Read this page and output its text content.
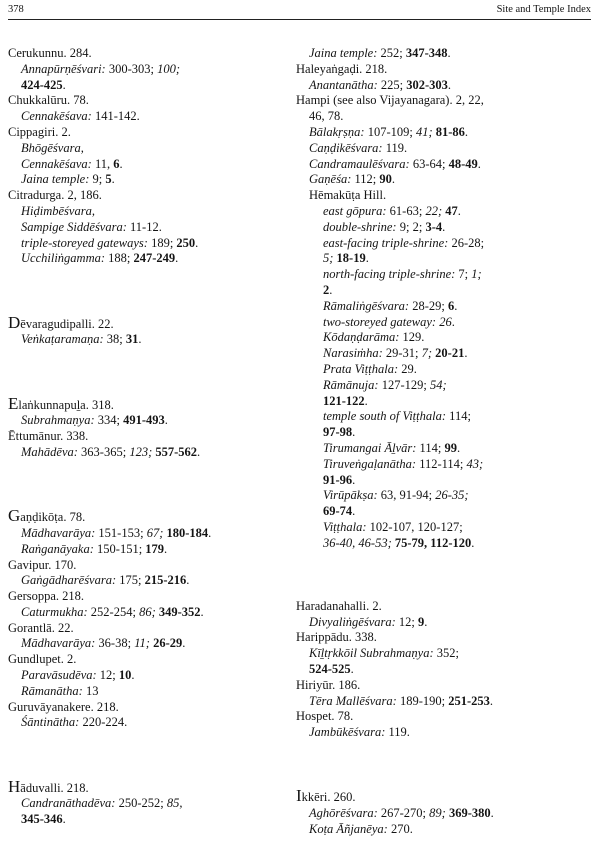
378	Site and Temple Index
Cerukunnu. 284.
Annapūrṇēśvari: 300-303; 100;
424-425.
Chukkalūru. 78.
Cennakēśava: 141-142.
Cippagiri. 2.
Bhōgēśvara,
Cennakēśava: 11, 6.
Jaina temple: 9; 5.
Citradurga. 2, 186.
Hiḍimbēśvara,
Sampige Siddēśvara: 11-12.
triple-storeyed gateways: 189; 250.
Ucchiliṅgamma: 188; 247-249.

Dēvaragudipalli. 22.
Veṅkaṭaramaṇa: 38; 31.

Elaṅkunnapuḻa. 318.
Subrahmaṇya: 334; 491-493.
Ēttumānur. 338.
Mahādēva: 363-365; 123; 557-562.

Gaṇḍikōṭa. 78.
Mādhavarāya: 151-153; 67; 180-184.
Raṅganāyaka: 150-151; 179.
Gavipur. 170.
Gaṅgādharēśvara: 175; 215-216.
Gersoppa. 218.
Caturmukha: 252-254; 86; 349-352.
Gorantlā. 22.
Mādhavarāya: 36-38; 11; 26-29.
Gundlupet. 2.
Paravāsudēva: 12; 10.
Rāmanātha: 13
Guruvāyanakere. 218.
Śāntinātha: 220-224.

Hāduvalli. 218.
Candranāthadēva: 250-252; 85,
345-346.
Jaina temple: 252; 347-348.
Haleyaṅgaḍi. 218.
Anantanātha: 225; 302-303.
Hampi (see also Vijayanagara). 2, 22,
46, 78.
Bālakṛṣṇa: 107-109; 41; 81-86.
Caṇḍikēśvara: 119.
Candramaulēśvara: 63-64; 48-49.
Gaṇēśa: 112; 90.
Hēmakūṭa Hill.
east gōpura: 61-63; 22; 47.
double-shrine: 9; 2; 3-4.
east-facing triple-shrine: 26-28;
5; 18-19.
north-facing triple-shrine: 7; 1;
2.
Rāmaliṅgēśvara: 28-29; 6.
two-storeyed gateway: 26.
Kōdaṇḍarāma: 129.
Narasiṁha: 29-31; 7; 20-21.
Prata Viṭṭhala: 29.
Rāmānuja: 127-129; 54;
121-122.
temple south of Viṭṭhala: 114;
97-98.
Tirumangai Āḻvār: 114; 99.
Tiruveṅgaḷanātha: 112-114; 43;
91-96.
Virūpākṣa: 63, 91-94; 26-35;
69-74.
Viṭṭhala: 102-107, 120-127;
36-40, 46-53; 75-79, 112-120.

Haradanahalli. 2.
Divyaliṅgēśvara: 12; 9.
Harippādu. 338.
Kīḻtṛkkōil Subrahmaṇya: 352;
524-525.
Hiriyūr. 186.
Tēra Mallēśvara: 189-190; 251-253.
Hospet. 78.
Jambūkēśvara: 119.

Ikkēri. 260.
Aghōrēśvara: 267-270; 89; 369-380.
Koṭa Āñjanēya: 270.
